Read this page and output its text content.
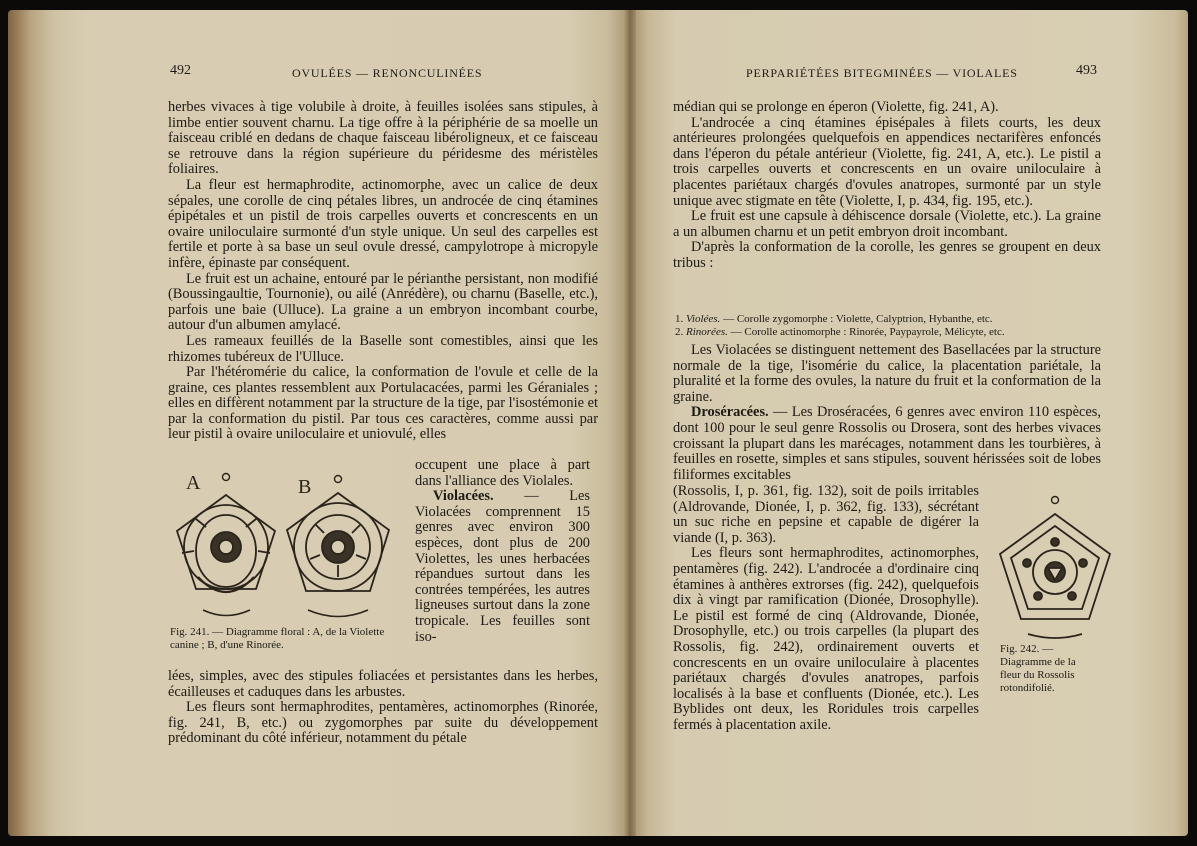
492	OVULÉES — RENONCULINÉES

herbes vivaces à tige volubile à droite, à feuilles isolées sans stipules, à limbe entier souvent charnu. La tige offre à la périphérie de sa moelle un faisceau criblé en dedans de chaque faisceau libéroligneux, et ce faisceau se retrouve dans la région supérieure du péridesme des méristèles foliaires.

La fleur est hermaphrodite, actinomorphe, avec un calice de deux sépales, une corolle de cinq pétales libres, un androcée de cinq étamines épipétales et un pistil de trois carpelles ouverts et concrescents en un ovaire uniloculaire surmonté d'un style unique. Un seul des carpelles est fertile et porte à sa base un seul ovule dressé, campylotrope à micropyle infère, épinaste par conséquent.

Le fruit est un achaine, entouré par le périanthe persistant, non modifié (Boussingaultie, Tournonie), ou ailé (Anrédère), ou charnu (Baselle, etc.), parfois une baie (Ulluce). La graine a un embryon incombant courbe, autour d'un albumen amylacé.

Les rameaux feuillés de la Baselle sont comestibles, ainsi que les rhizomes tubéreux de l'Ulluce.

Par l'hétéromérie du calice, la conformation de l'ovule et celle de la graine, ces plantes ressemblent aux Portulacacées, parmi les Géraniales ; elles en diffèrent notamment par la structure de la tige, par l'isostémonie et par la conformation du pistil. Par tous ces caractères, comme aussi par leur pistil à ovaire uniloculaire et uniovulé, elles

A	B
Fig. 241. — Diagramme floral : A, de la Violette canine ; B, d'une Rinorée.

occupent une place à part dans l'alliance des Violales.

Violacées. — Les Violacées comprennent 15 genres avec environ 300 espèces, dont plus de 200 Violettes, les unes herbacées répandues surtout dans les contrées tempérées, les autres ligneuses surtout dans la zone tropicale. Les feuilles sont iso-

lées, simples, avec des stipules foliacées et persistantes dans les herbes, écailleuses et caduques dans les arbustes.

Les fleurs sont hermaphrodites, pentamères, actinomorphes (Rinorée, fig. 241, B, etc.) ou zygomorphes par suite du développement prédominant du côté inférieur, notamment du pétale

PERPARIÉTÉES BITEGMINÉES — VIOLALES	493

médian qui se prolonge en éperon (Violette, fig. 241, A).

L'androcée a cinq étamines épisépales à filets courts, les deux antérieures prolongées quelquefois en appendices nectarifères enfoncés dans l'éperon du pétale antérieur (Violette, fig. 241, A, etc.). Le pistil a trois carpelles ouverts et concrescents en un ovaire uniloculaire à placentes pariétaux chargés d'ovules anatropes, surmonté par un style unique avec stigmate en tête (Violette, I, p. 434, fig. 195, etc.).

Le fruit est une capsule à déhiscence dorsale (Violette, etc.). La graine a un albumen charnu et un petit embryon droit incombant.

D'après la conformation de la corolle, les genres se groupent en deux tribus :

1. Violées. — Corolle zygomorphe : Violette, Calyptrion, Hybanthe, etc.
2. Rinorées. — Corolle actinomorphe : Rinorée, Paypayrole, Mélicyte, etc.

Les Violacées se distinguent nettement des Basellacées par la structure normale de la tige, l'isomérie du calice, la placentation pariétale, la pluralité et la forme des ovules, la nature du fruit et la conformation de la graine.

Droséracées. — Les Droséracées, 6 genres avec environ 110 espèces, dont 100 pour le seul genre Rossolis ou Drosera, sont des herbes vivaces croissant la plupart dans les marécages, notamment dans les tourbières, à feuilles en rosette, simples et sans stipules, souvent hérissées soit de lobes filiformes excitables

(Rossolis, I, p. 361, fig. 132), soit de poils irritables (Aldrovande, Dionée, I, p. 362, fig. 133), sécrétant un suc riche en pepsine et capable de digérer la viande (I, p. 363).

Les fleurs sont hermaphrodites, actinomorphes, pentamères (fig. 242). L'androcée a d'ordinaire cinq étamines à anthères extrorses (fig. 242), quelquefois dix à vingt par ramification (Dionée, Drosophylle). Le pistil est formé de cinq (Aldrovande, Dionée, Drosophylle, etc.) ou trois carpelles (la plupart des Rossolis, fig. 242), ordinairement ouverts et concrescents en un ovaire uniloculaire à placentes pariétaux chargés d'ovules anatropes, parfois localisés à la base et confluents (Dionée, etc.). Les Byblides ont deux, les Roridules trois carpelles fermés à placentation axile.

Fig. 242. — Diagramme de la fleur du Rossolis rotondifolié.
